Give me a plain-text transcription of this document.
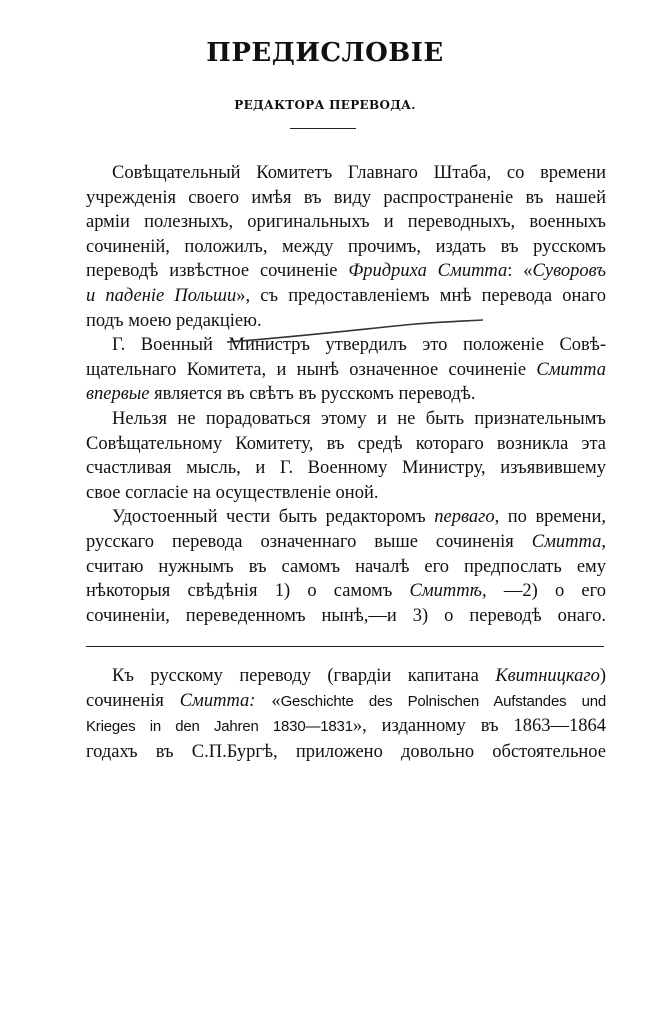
ПРЕДИСЛОВІЕ
РЕДАКТОРА ПЕРЕВОДА.

Совѣщательный Комитетъ Главнаго Штаба, со времени
учрежденія своего имѣя въ виду распространеніе въ нашей
арміи полезныхъ, оригинальныхъ и переводныхъ, военныхъ
сочиненій, положилъ, между прочимъ, издать въ русскомъ
переводѣ извѣстное сочиненіе Фридриха Смитта: «Суворовъ
и паденіе Польши», съ предоставленіемъ мнѣ перевода онаго
подъ моею редакціею.

Г. Военный Министръ утвердилъ это положеніе Совѣ-
щательнаго Комитета, и нынѣ означенное сочиненіе Смитта
впервые является въ свѣтъ въ русскомъ переводѣ.

Нельзя не порадоваться этому и не быть признательнымъ
Совѣщательному Комитету, въ средѣ котораго возникла эта
счастливая мысль, и Г. Военному Министру, изъявившему
свое согласіе на осуществленіе оной.

Удостоенный чести быть редакторомъ перваго, по времени,
русскаго перевода означеннаго выше сочиненія Смитта,
считаю нужнымъ въ самомъ началѣ его предпослать ему
нѣкоторыя свѣдѣнія 1) о самомъ Смиттѣ, —2) о его
сочиненіи, переведенномъ нынѣ,—и 3) о переводѣ онаго.

Къ русскому переводу (гвардіи капитана Квитницкаго)
сочиненія Смитта: «Geschichte des Polnischen Aufstandes und
Krieges in den Jahren 1830—1831», изданному въ 1863—1864
годахъ въ С.П.Бургѣ, приложено довольно обстоятельное
